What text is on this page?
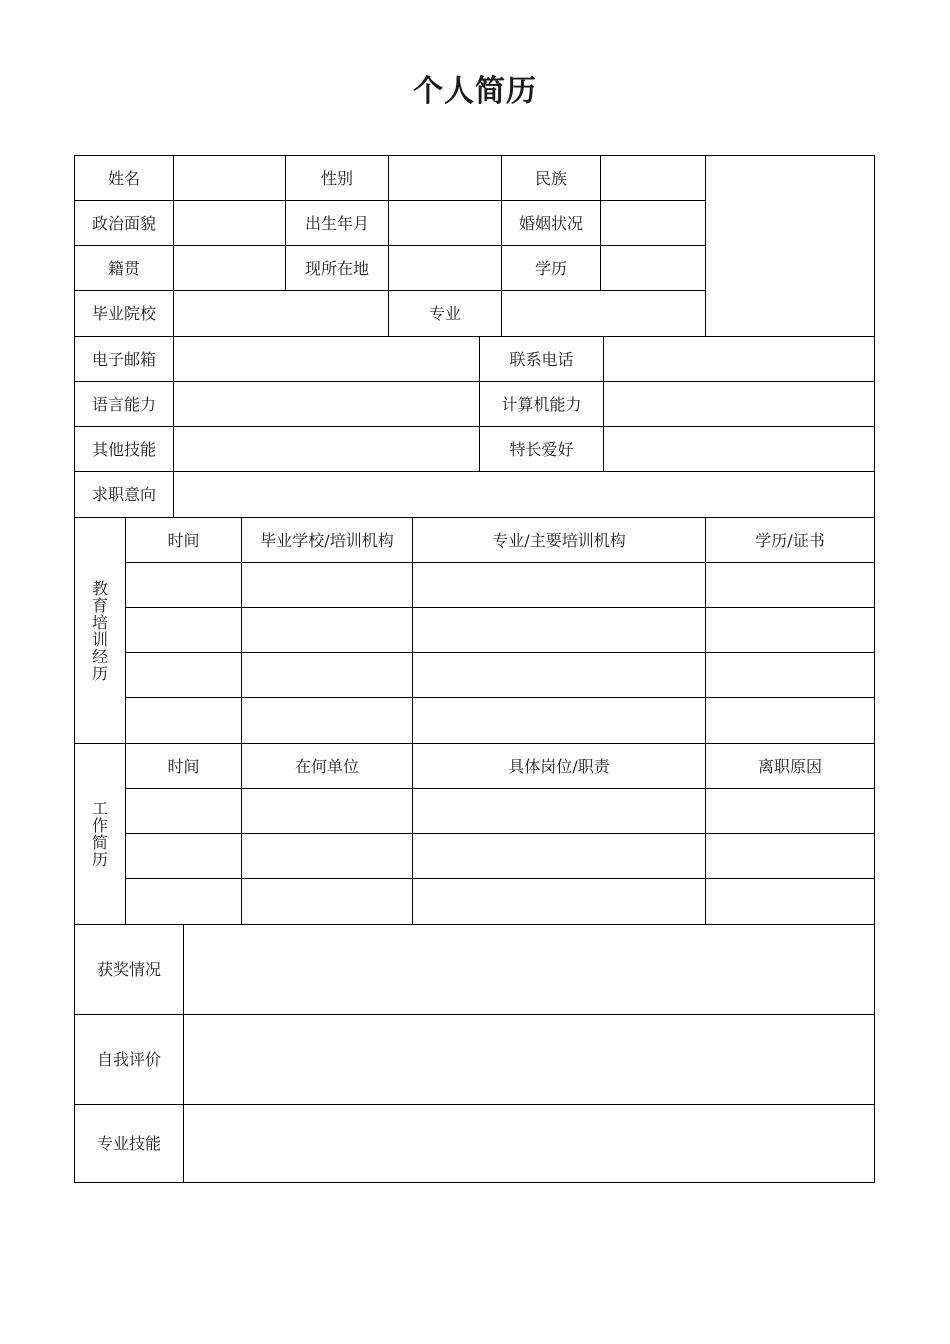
个人简历
姓名	性别	民族
政治面貌	出生年月	婚姻状况
籍贯	现所在地	学历
毕业院校	专业
电子邮箱	联系电话
语言能力	计算机能力
其他技能	特长爱好
求职意向
教育培训经历
时间	毕业学校/培训机构	专业/主要培训机构	学历/证书
工作简历
时间	在何单位	具体岗位/职责	离职原因
获奖情况
自我评价
专业技能
